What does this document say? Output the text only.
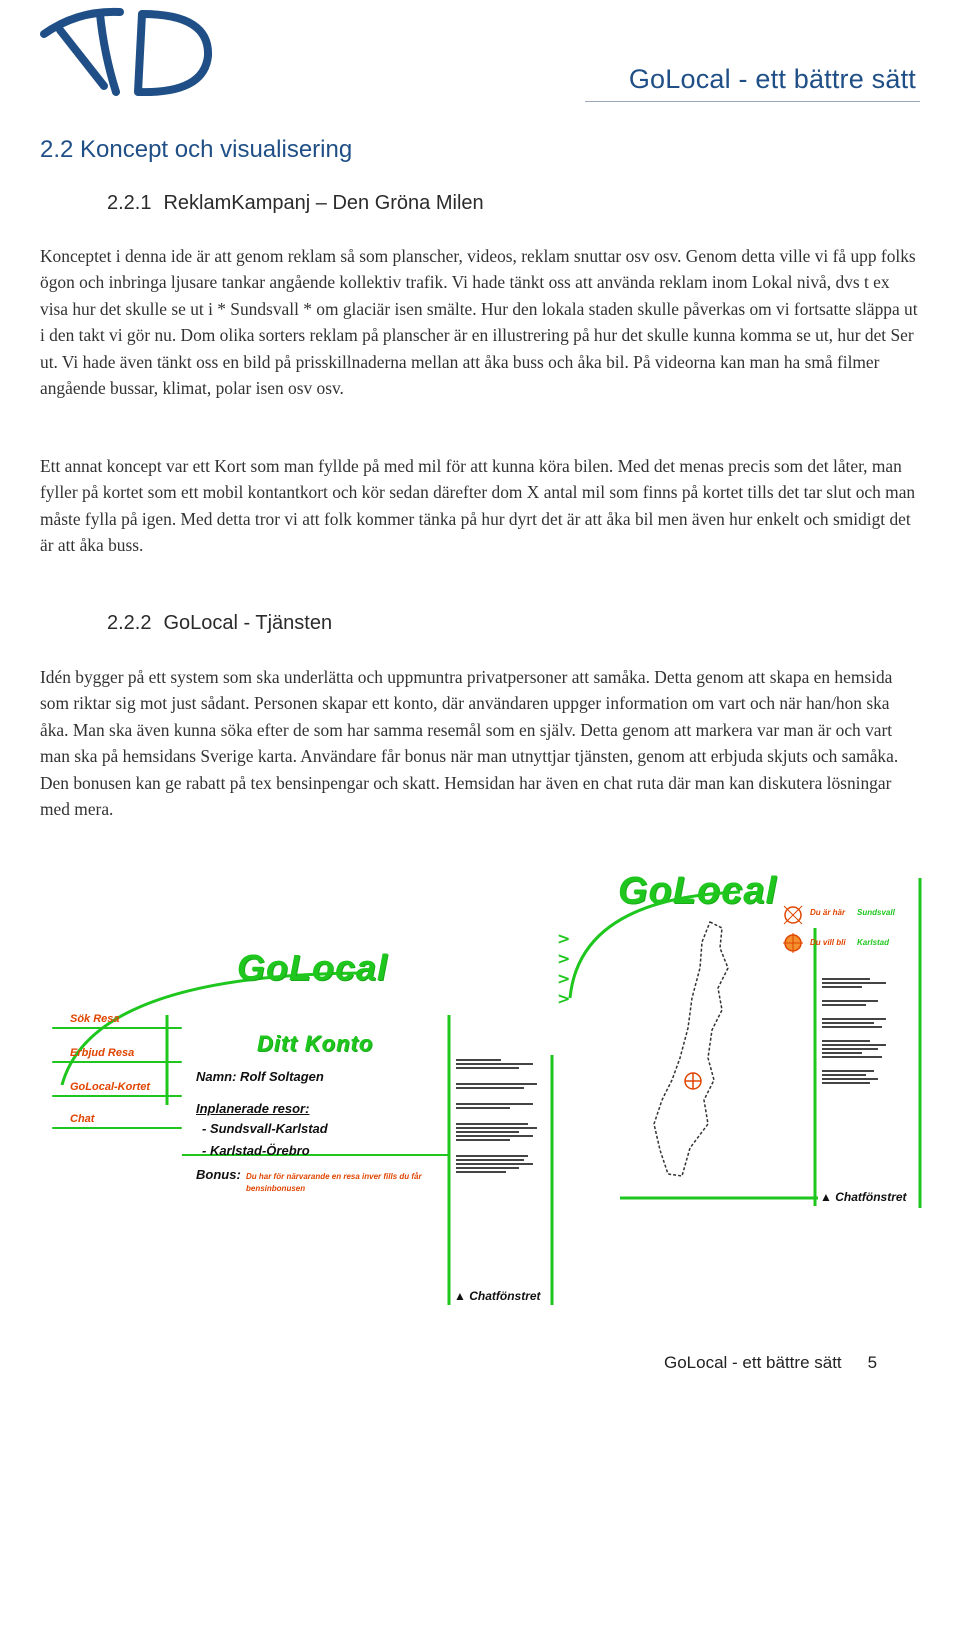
GoLocal - ett bättre sätt
2.2 Koncept och visualisering
2.2.1 ReklamKampanj – Den Gröna Milen

Konceptet i denna ide är att genom reklam så som planscher, videos, reklam snuttar osv osv. Genom detta ville vi få upp folks ögon och inbringa ljusare tankar angående kollektiv trafik. Vi hade tänkt oss att använda reklam inom Lokal nivå, dvs t ex visa hur det skulle se ut i * Sundsvall * om glaciär isen smälte. Hur den lokala staden skulle påverkas om vi fortsatte släppa ut i den takt vi gör nu. Dom olika sorters reklam på planscher är en illustrering på hur det skulle kunna komma se ut, hur det Ser ut. Vi hade även tänkt oss en bild på prisskillnaderna mellan att åka buss och åka bil. På videorna kan man ha små filmer angående bussar, klimat, polar isen osv osv.

Ett annat koncept var ett Kort som man fyllde på med mil för att kunna köra bilen. Med det menas precis som det låter, man fyller på kortet som ett mobil kontantkort och kör sedan därefter dom X antal mil som finns på kortet tills det tar slut och man måste fylla på igen. Med detta tror vi att folk kommer tänka på hur dyrt det är att åka bil men även hur enkelt och smidigt det är att åka buss.

2.2.2 GoLocal - Tjänsten

Idén bygger på ett system som ska underlätta och uppmuntra privatpersoner att samåka. Detta genom att skapa en hemsida som riktar sig mot just sådant. Personen skapar ett konto, där användaren uppger information om vart och när han/hon ska åka. Man ska även kunna söka efter de som har samma resemål som en själv. Detta genom att markera var man är och vart man ska på hemsidans Sverige karta. Användare får bonus när man utnyttjar tjänsten, genom att erbjuda skjuts och samåka. Den bonusen kan ge rabatt på tex bensinpengar och skatt. Hemsidan har även en chat ruta där man kan diskutera lösningar med mera.

GoLocal
Du är här Sundsvall
Du vill bli Karlstad
▲ Chatfönstret
>
>
>
>
GoLocal
Sök Resa
Erbjud Resa
GoLocal-Kortet
Chat
Ditt Konto
Namn: Rolf Soltagen
Inplanerade resor:
- Sundsvall-Karlstad
- Karlstad-Örebro
Bonus: Du har för närvarande en resa inver fills du får bensinbonusen
▲ Chatfönstret
GoLocal - ett bättre sätt 5
